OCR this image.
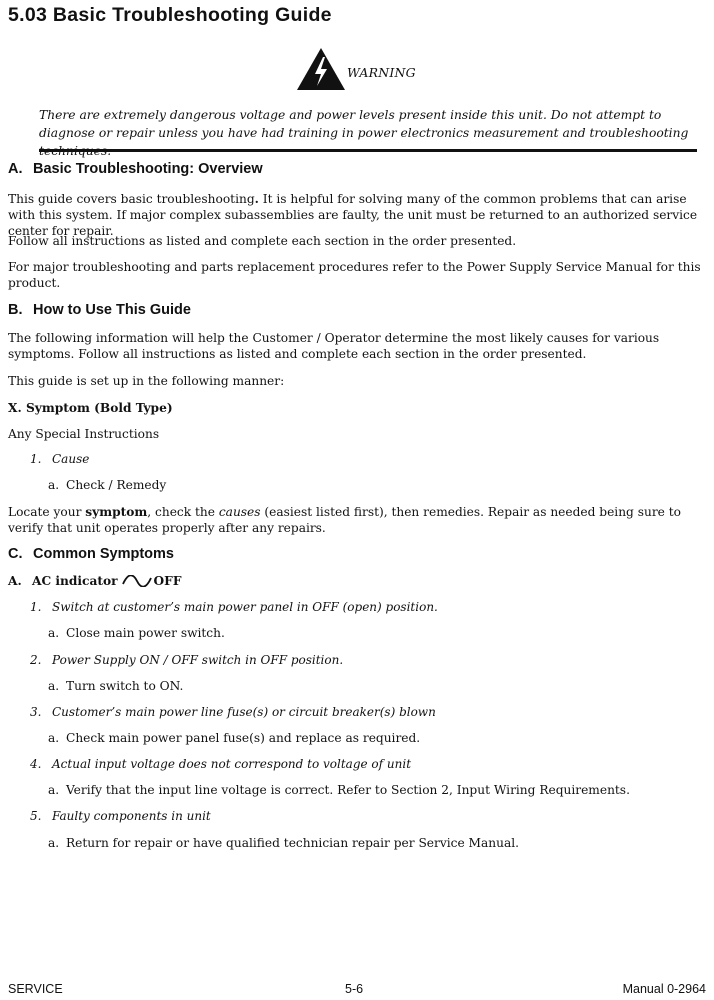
5.03 Basic Troubleshooting Guide
WARNING
There are extremely dangerous voltage and power levels present inside this unit. Do not attempt to diagnose or repair unless you have had training in power electronics measurement and troubleshooting
A. Basic Troubleshooting: Overview

This guide covers basic troubleshooting. It is helpful for solving many of the common problems that can arise with this system. If major complex subassemblies are faulty, the unit must be returned to an authorized service center for repair.

Follow all instructions as listed and complete each section in the order presented.

For major troubleshooting and parts replacement procedures refer to the Power Supply Service Manual for this product.

B. How to Use This Guide

The following information will help the Customer / Operator determine the most likely causes for various symptoms. Follow all instructions as listed and complete each section in the order presented.

This guide is set up in the following manner:

X. Symptom (Bold Type)

Any Special Instructions

1. Cause

a. Check / Remedy

Locate your symptom, check the causes (easiest listed first), then remedies. Repair as needed being sure to verify that unit operates properly after any repairs.

C. Common Symptoms

A. AC indicator	OFF

1. Switch at customer’s main power panel in OFF (open) position.

a. Close main power switch.

2. Power Supply ON / OFF switch in OFF position.

a. Turn switch to ON.

3. Customer’s main power line fuse(s) or circuit breaker(s) blown

a. Check main power panel fuse(s) and replace as required.

4. Actual input voltage does not correspond to voltage of unit

a. Verify that the input line voltage is correct. Refer to Section 2, Input Wiring Requirements.

5. Faulty components in unit

a. Return for repair or have qualified technician repair per Service Manual.

SERVICE	5-6	Manual 0-2964
